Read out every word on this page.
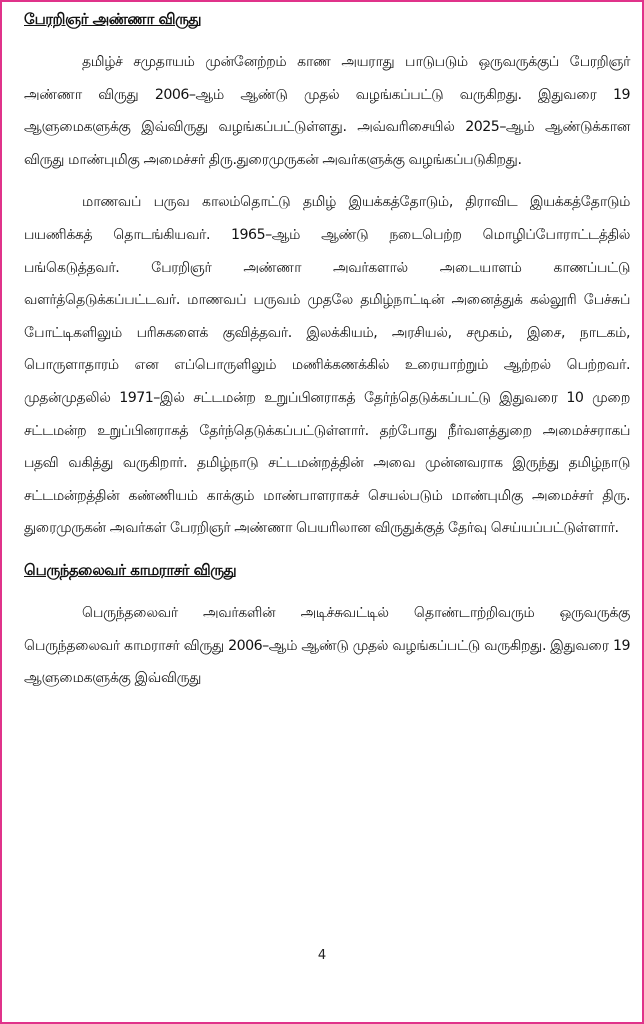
பேரறிஞர் அண்ணா விருது

தமிழ்ச் சமுதாயம் முன்னேற்றம் காண அயராது பாடுபடும் ஒருவருக்குப் பேரறிஞர் அண்ணா விருது 2006–ஆம் ஆண்டு முதல் வழங்கப்பட்டு வருகிறது. இதுவரை 19 ஆளுமைகளுக்கு இவ்விருது வழங்கப்பட்டுள்ளது. அவ்வரிசையில் 2025–ஆம் ஆண்டுக்கான விருது மாண்புமிகு அமைச்சர் திரு.துரைமுருகன் அவர்களுக்கு வழங்கப்படுகிறது.

மாணவப் பருவ காலம்தொட்டு தமிழ் இயக்கத்தோடும், திராவிட இயக்கத்தோடும் பயணிக்கத் தொடங்கியவர். 1965–ஆம் ஆண்டு நடைபெற்ற மொழிப்போராட்டத்தில் பங்கெடுத்தவர். பேரறிஞர் அண்ணா அவர்களால் அடையாளம் காணப்பட்டு வளர்த்தெடுக்கப்பட்டவர். மாணவப் பருவம் முதலே தமிழ்நாட்டின் அனைத்துக் கல்லூரி பேச்சுப் போட்டிகளிலும் பரிசுகளைக் குவித்தவர். இலக்கியம், அரசியல், சமூகம், இசை, நாடகம், பொருளாதாரம் என எப்பொருளிலும் மணிக்கணக்கில் உரையாற்றும் ஆற்றல் பெற்றவர். முதன்முதலில் 1971–இல் சட்டமன்ற உறுப்பினராகத் தேர்ந்தெடுக்கப்பட்டு இதுவரை 10 முறை சட்டமன்ற உறுப்பினராகத் தேர்ந்தெடுக்கப்பட்டுள்ளார். தற்போது நீர்வளத்துறை அமைச்சராகப் பதவி வகித்து வருகிறார். தமிழ்நாடு சட்டமன்றத்தின் அவை முன்னவராக இருந்து தமிழ்நாடு சட்டமன்றத்தின் கண்ணியம் காக்கும் மாண்பாளராகச் செயல்படும் மாண்புமிகு அமைச்சர் திரு. துரைமுருகன் அவர்கள் பேரறிஞர் அண்ணா பெயரிலான விருதுக்குத் தேர்வு செய்யப்பட்டுள்ளார்.

பெருந்தலைவர் காமராசர் விருது

பெருந்தலைவர் அவர்களின் அடிச்சுவட்டில் தொண்டாற்றிவரும் ஒருவருக்கு பெருந்தலைவர் காமராசர் விருது 2006–ஆம் ஆண்டு முதல் வழங்கப்பட்டு வருகிறது. இதுவரை 19 ஆளுமைகளுக்கு இவ்விருது

4
